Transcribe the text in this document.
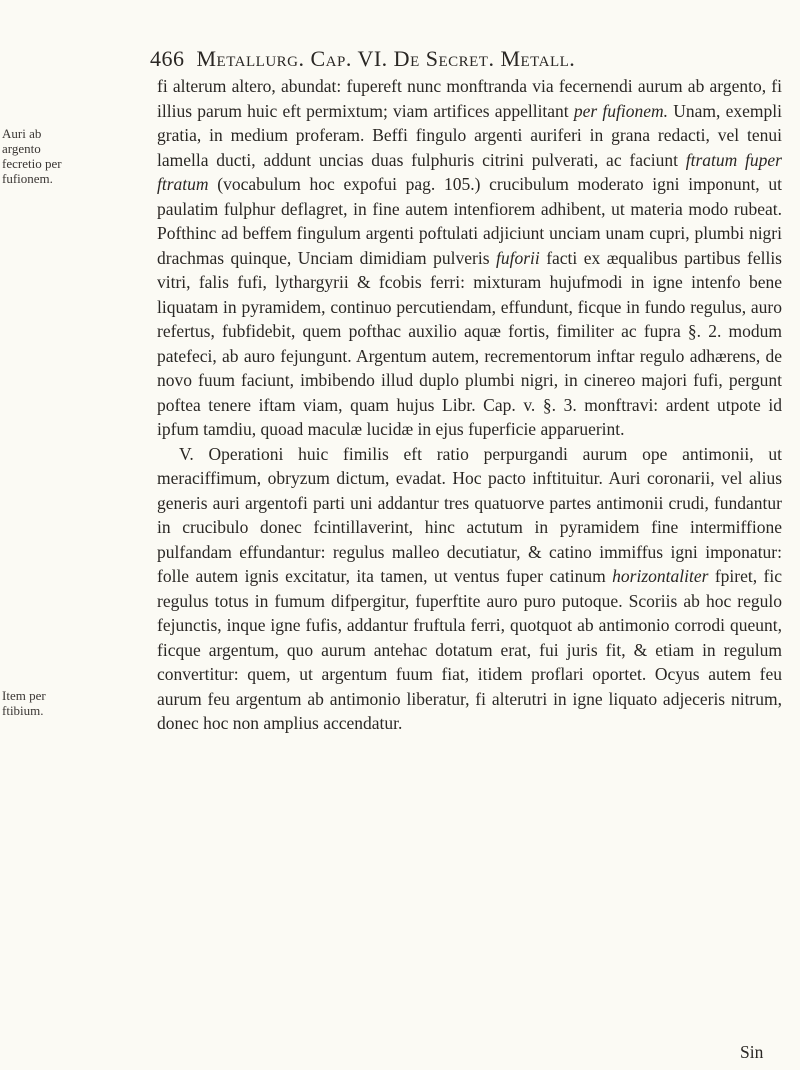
466 Metallurg. Cap. VI. De Secret. Metall.
Auri ab argento fecretio per fufionem.
Item per ftibium.

fi alterum altero, abundat: fupereft nunc monftranda via fecernendi aurum ab argento, fi illius parum huic eft permixtum; viam artifices appellitant per fufionem. Unam, exempli gratia, in medium proferam. Beffi fingulo argenti auriferi in grana redacti, vel tenui lamella ducti, addunt uncias duas fulphuris citrini pulverati, ac faciunt ftratum fuper ftratum (vocabulum hoc expofui pag. 105.) crucibulum moderato igni imponunt, ut paulatim fulphur deflagret, in fine autem intenfiorem adhibent, ut materia modo rubeat. Pofthinc ad beffem fingulum argenti poftulati adjiciunt unciam unam cupri, plumbi nigri drachmas quinque, Unciam dimidiam pulveris fuforii facti ex æqualibus partibus fellis vitri, falis fufi, lythargyrii & fcobis ferri: mixturam hujufmodi in igne intenfo bene liquatam in pyramidem, continuo percutiendam, effundunt, ficque in fundo regulus, auro refertus, fubfidebit, quem pofthac auxilio aquæ fortis, fimiliter ac fupra §. 2. modum patefeci, ab auro fejungunt. Argentum autem, recrementorum inftar regulo adhærens, de novo fuum faciunt, imbibendo illud duplo plumbi nigri, in cinereo majori fufi, pergunt poftea tenere iftam viam, quam hujus Libr. Cap. v. §. 3. monftravi: ardent utpote id ipfum tamdiu, quoad maculæ lucidæ in ejus fuperficie apparuerint.

V. Operationi huic fimilis eft ratio perpurgandi aurum ope antimonii, ut meraciffimum, obryzum dictum, evadat. Hoc pacto inftituitur. Auri coronarii, vel alius generis auri argentofi parti uni addantur tres quatuorve partes antimonii crudi, fundantur in crucibulo donec fcintillaverint, hinc actutum in pyramidem fine intermiffione pulfandam effundantur: regulus malleo decutiatur, & catino immiffus igni imponatur: folle autem ignis excitatur, ita tamen, ut ventus fuper catinum horizontaliter fpiret, fic regulus totus in fumum difpergitur, fuperftite auro puro putoque. Scoriis ab hoc regulo fejunctis, inque igne fufis, addantur fruftula ferri, quotquot ab antimonio corrodi queunt, ficque argentum, quo aurum antehac dotatum erat, fui juris fit, & etiam in regulum convertitur: quem, ut argentum fuum fiat, itidem proflari oportet. Ocyus autem feu aurum feu argentum ab antimonio liberatur, fi alterutri in igne liquato adjeceris nitrum, donec hoc non amplius accendatur.

Sin
